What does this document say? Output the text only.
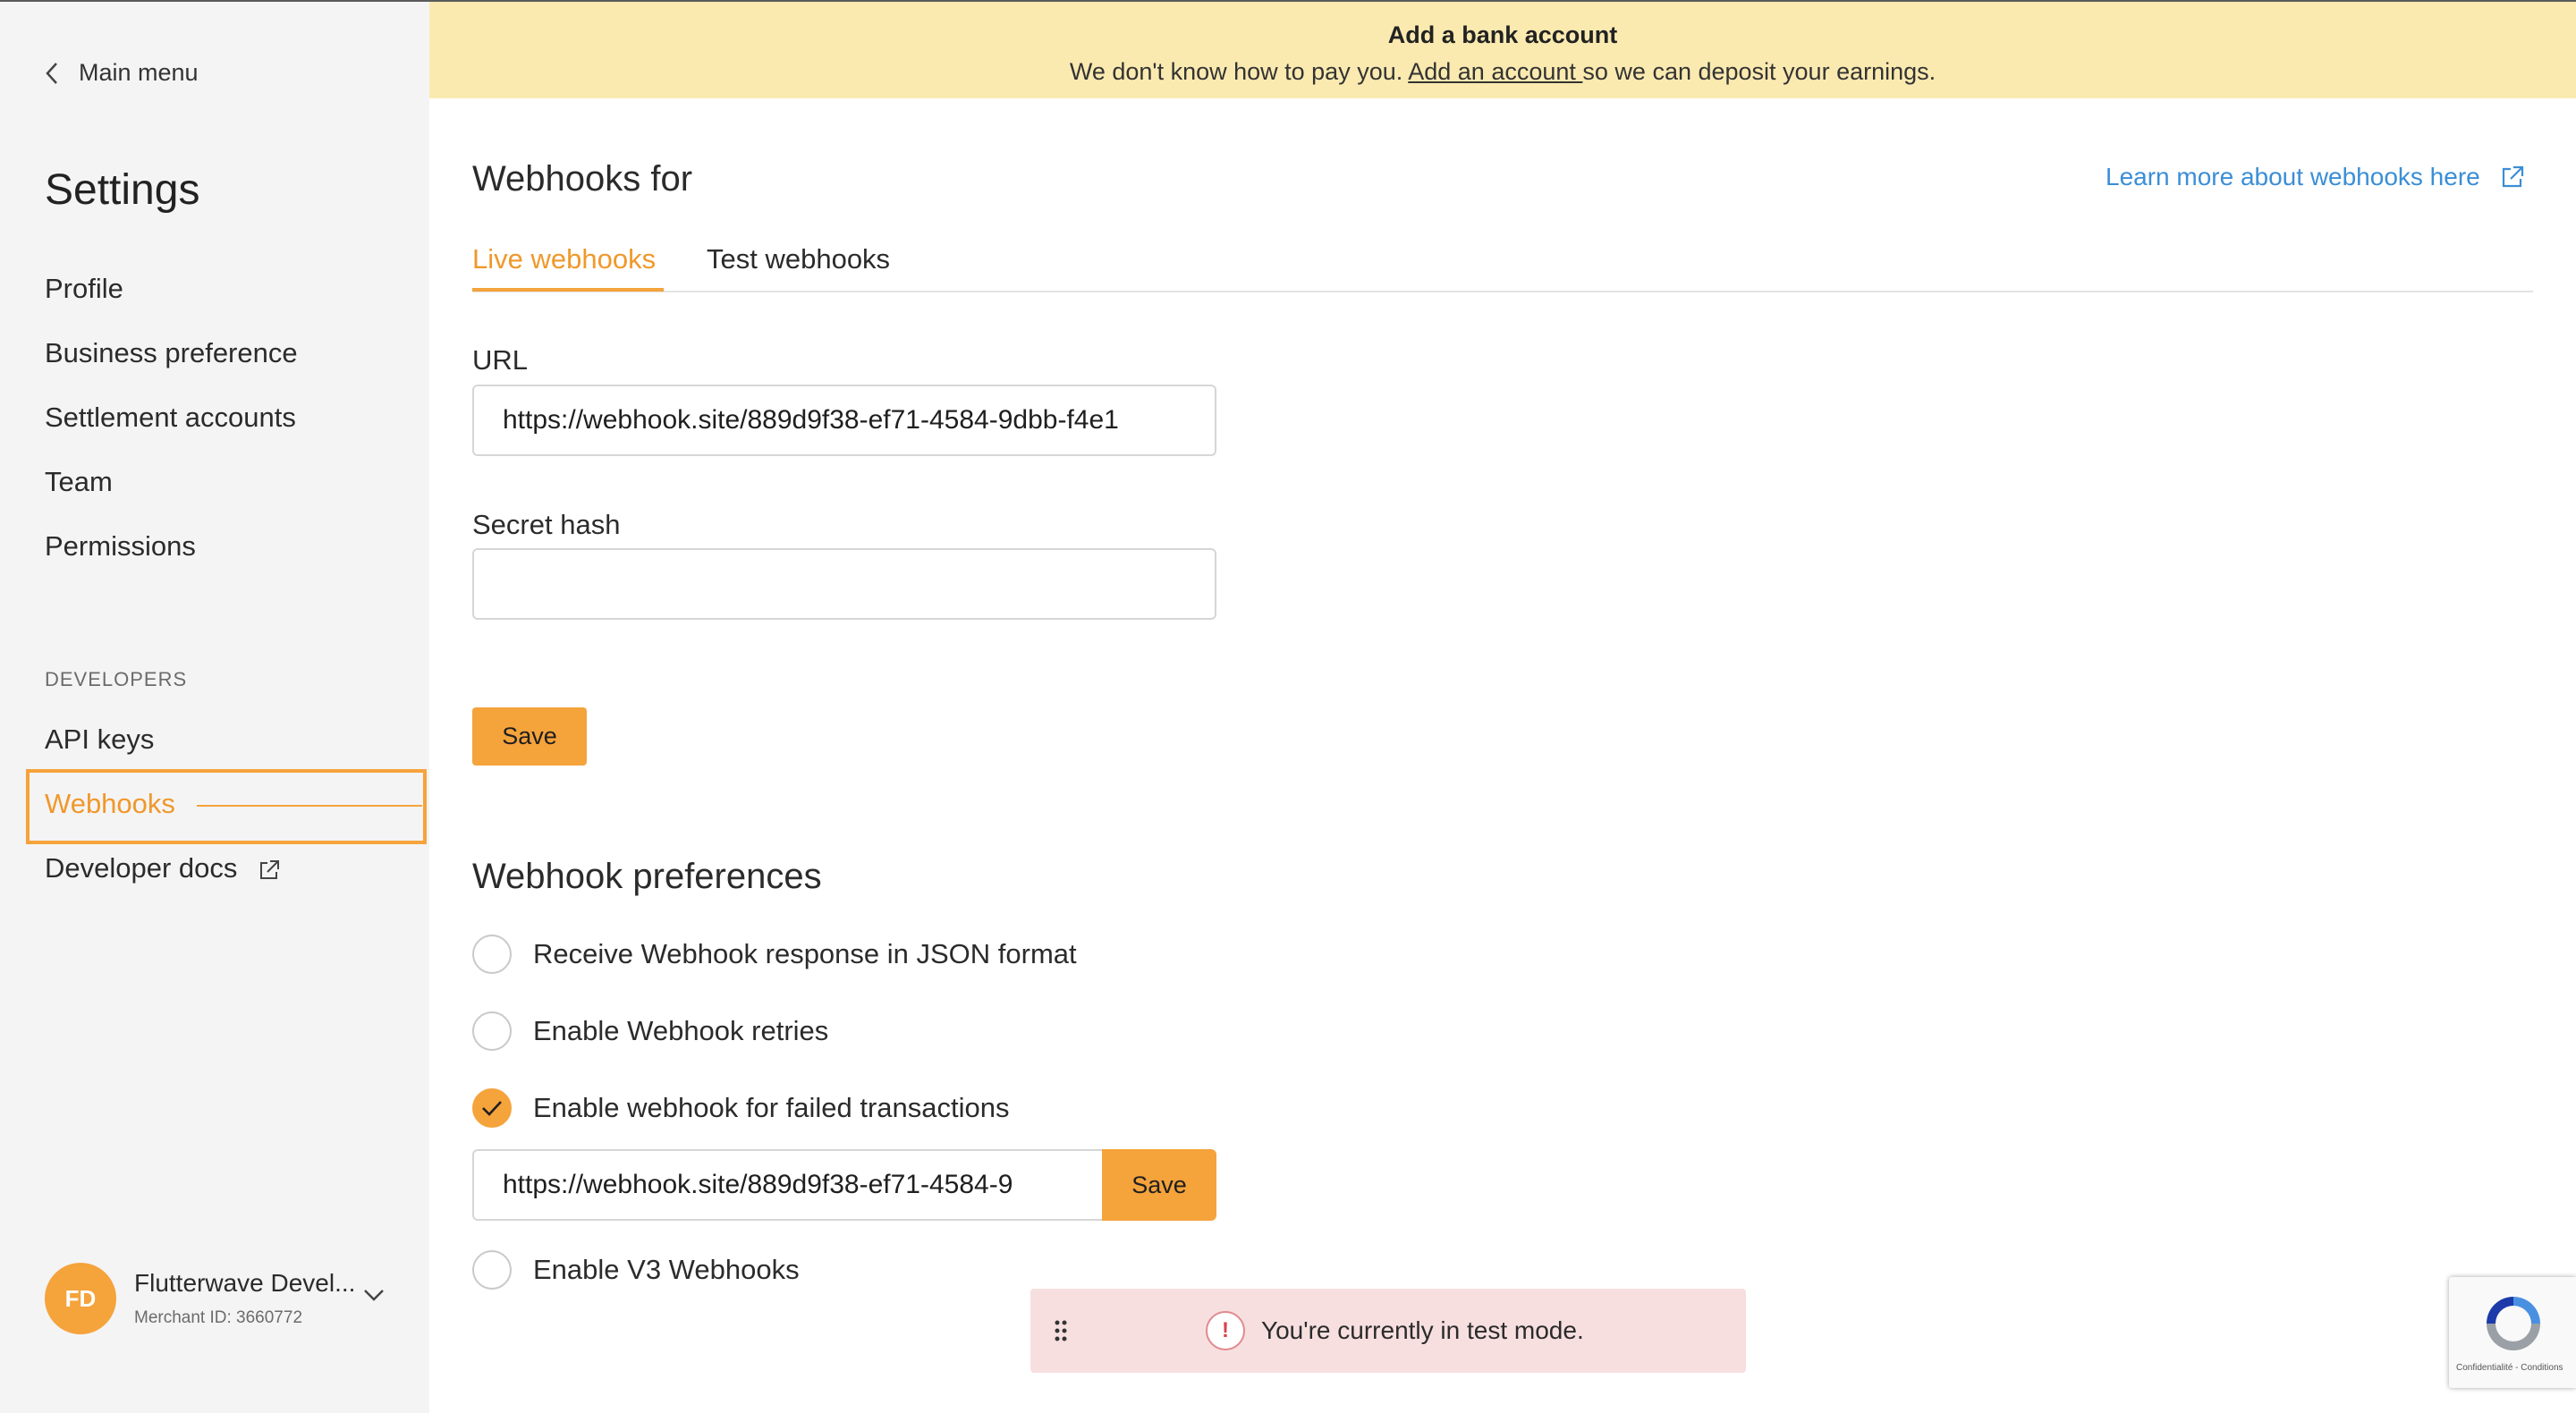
Main menu
Settings
Profile
Business preference
Settlement accounts
Team
Permissions
DEVELOPERS
API keys
Webhooks
Developer docs
FD
Flutterwave Devel...
Merchant ID: 3660772
Add a bank account
We don't know how to pay you. Add an account so we can deposit your earnings.
Webhooks for	Learn more about webhooks here
Live webhooks Test webhooks
URL
https://webhook.site/889d9f38-ef71-4584-9dbb-f4e1
Secret hash
Save
Webhook preferences
Receive Webhook response in JSON format
Enable Webhook retries
Enable webhook for failed transactions
https://webhook.site/889d9f38-ef71-4584-9
Save
Enable V3 Webhooks
!	You're currently in test mode.
Confidentialité - Conditions
